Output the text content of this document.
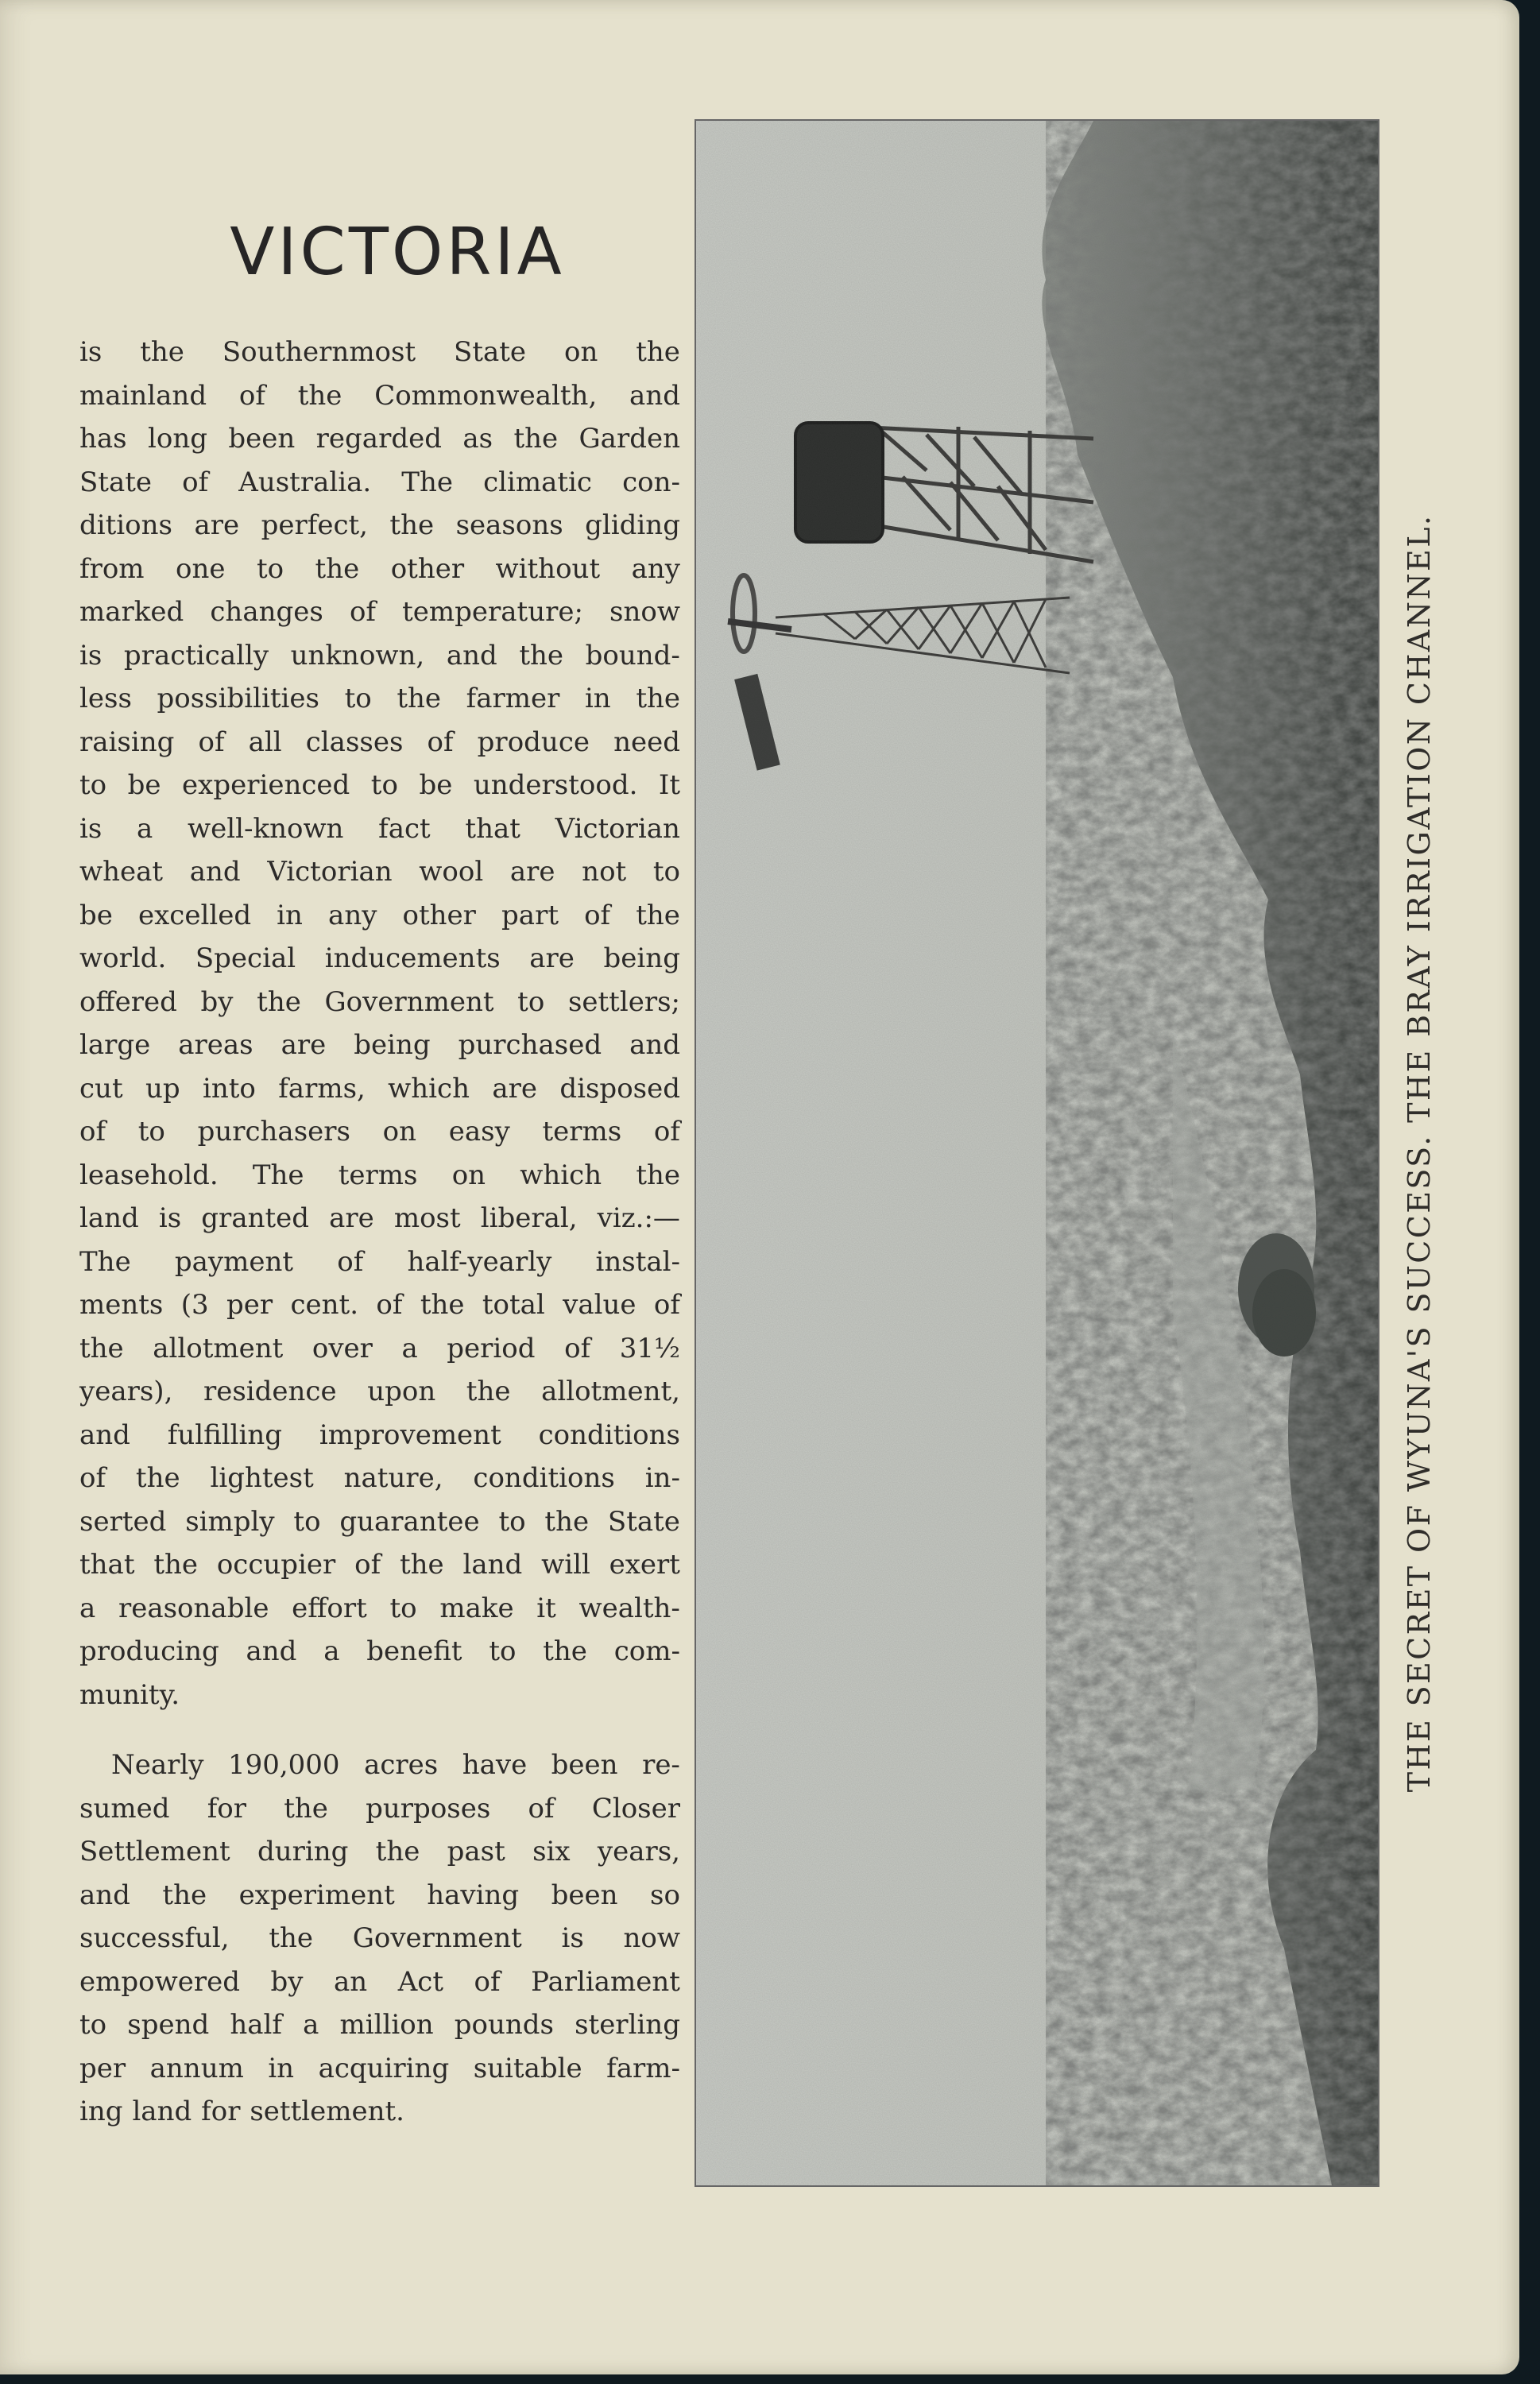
VICTORIA
is the Southernmost State on the
mainland of the Commonwealth, and
has long been regarded as the Garden
State of Australia. The climatic con-
ditions are perfect, the seasons gliding
from one to the other without any
marked changes of temperature; snow
is practically unknown, and the bound-
less possibilities to the farmer in the
raising of all classes of produce need
to be experienced to be understood. It
is a well-known fact that Victorian
wheat and Victorian wool are not to
be excelled in any other part of the
world. Special inducements are being
offered by the Government to settlers;
large areas are being purchased and
cut up into farms, which are disposed
of to purchasers on easy terms of
leasehold. The terms on which the
land is granted are most liberal, viz.:—
The payment of half-yearly instal-
ments (3 per cent. of the total value of
the allotment over a period of 31½
years), residence upon the allotment,
and fulfilling improvement conditions
of the lightest nature, conditions in-
serted simply to guarantee to the State
that the occupier of the land will exert
a reasonable effort to make it wealth-
producing and a benefit to the com-
munity.
Nearly 190,000 acres have been re-
sumed for the purposes of Closer
Settlement during the past six years,
and the experiment having been so
successful, the Government is now
empowered by an Act of Parliament
to spend half a million pounds sterling
per annum in acquiring suitable farm-
ing land for settlement.
THE SECRET OF WYUNA'S SUCCESS. THE BRAY IRRIGATION CHANNEL.
